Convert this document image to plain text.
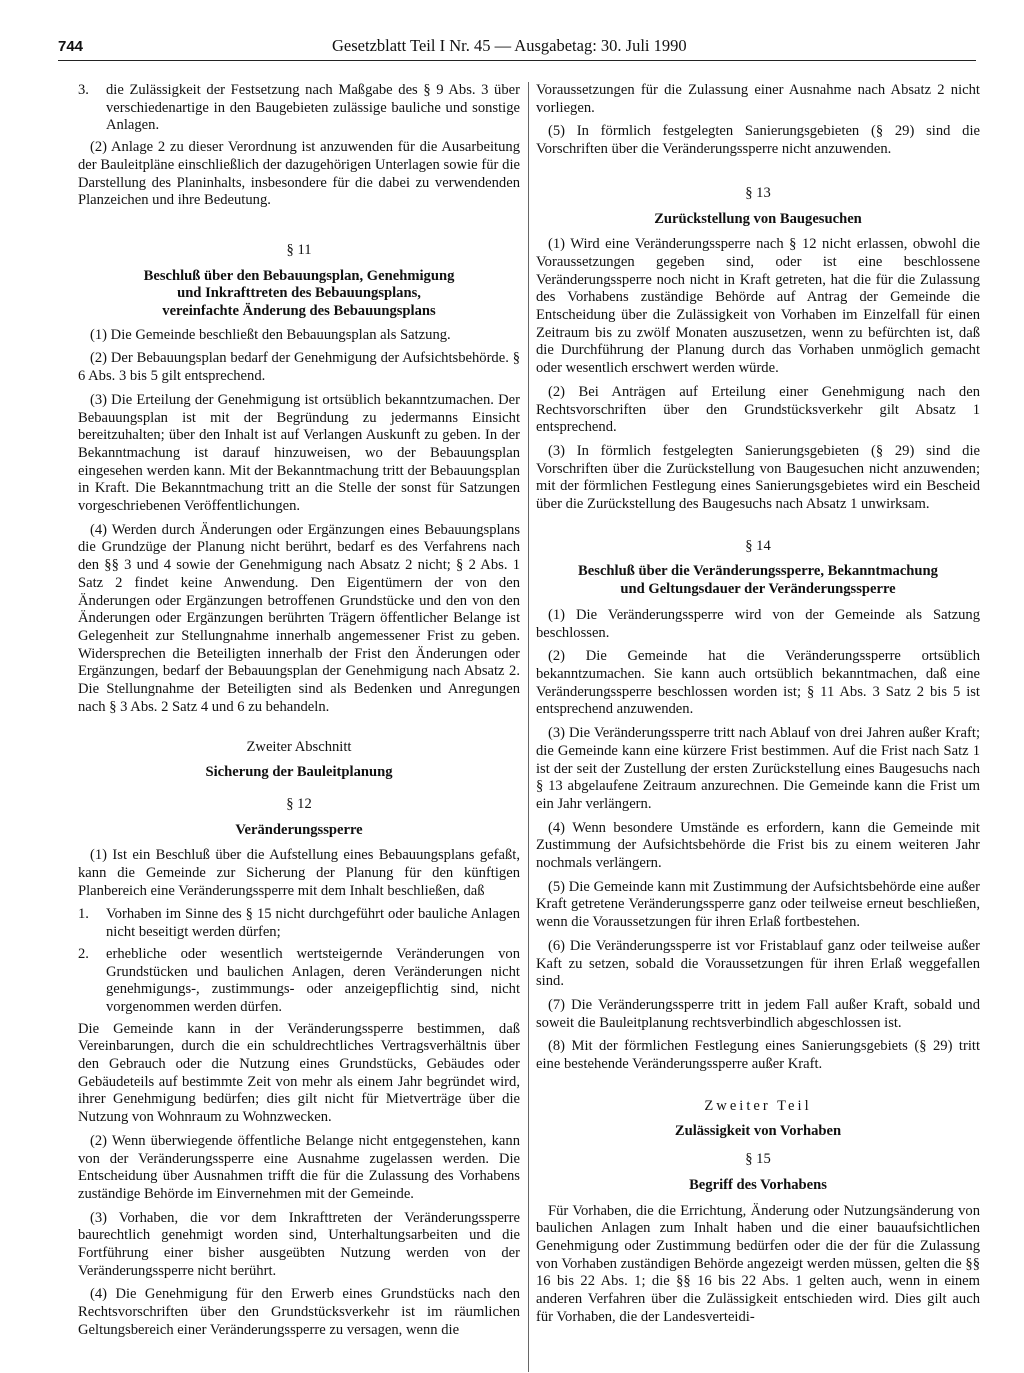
744	Gesetzblatt Teil I Nr. 45 — Ausgabetag: 30. Juli 1990
3.	die Zulässigkeit der Festsetzung nach Maßgabe des § 9 Abs. 3 über verschiedenartige in den Baugebieten zulässige bauliche und sonstige Anlagen.

(2) Anlage 2 zu dieser Verordnung ist anzuwenden für die Ausarbeitung der Bauleitpläne einschließlich der dazugehörigen Unterlagen sowie für die Darstellung des Planinhalts, insbesondere für die dabei zu verwendenden Planzeichen und ihre Bedeutung.

§ 11
Beschluß über den Bebauungsplan, Genehmigung
und Inkrafttreten des Bebauungsplans,
vereinfachte Änderung des Bebauungsplans

(1) Die Gemeinde beschließt den Bebauungsplan als Satzung.

(2) Der Bebauungsplan bedarf der Genehmigung der Aufsichtsbehörde. § 6 Abs. 3 bis 5 gilt entsprechend.

(3) Die Erteilung der Genehmigung ist ortsüblich bekanntzumachen. Der Bebauungsplan ist mit der Begründung zu jedermanns Einsicht bereitzuhalten; über den Inhalt ist auf Verlangen Auskunft zu geben. In der Bekanntmachung ist darauf hinzuweisen, wo der Bebauungsplan eingesehen werden kann. Mit der Bekanntmachung tritt der Bebauungsplan in Kraft. Die Bekanntmachung tritt an die Stelle der sonst für Satzungen vorgeschriebenen Veröffentlichungen.

(4) Werden durch Änderungen oder Ergänzungen eines Bebauungsplans die Grundzüge der Planung nicht berührt, bedarf es des Verfahrens nach den §§ 3 und 4 sowie der Genehmigung nach Absatz 2 nicht; § 2 Abs. 1 Satz 2 findet keine Anwendung. Den Eigentümern der von den Änderungen oder Ergänzungen betroffenen Grundstücke und den von den Änderungen oder Ergänzungen berührten Trägern öffentlicher Belange ist Gelegenheit zur Stellungnahme innerhalb angemessener Frist zu geben. Widersprechen die Beteiligten innerhalb der Frist den Änderungen oder Ergänzungen, bedarf der Bebauungsplan der Genehmigung nach Absatz 2. Die Stellungnahme der Beteiligten sind als Bedenken und Anregungen nach § 3 Abs. 2 Satz 4 und 6 zu behandeln.

Zweiter Abschnitt
Sicherung der Bauleitplanung
§ 12
Veränderungssperre

(1) Ist ein Beschluß über die Aufstellung eines Bebauungsplans gefaßt, kann die Gemeinde zur Sicherung der Planung für den künftigen Planbereich eine Veränderungssperre mit dem Inhalt beschließen, daß

1.	Vorhaben im Sinne des § 15 nicht durchgeführt oder bauliche Anlagen nicht beseitigt werden dürfen;
2.	erhebliche oder wesentlich wertsteigernde Veränderungen von Grundstücken und baulichen Anlagen, deren Veränderungen nicht genehmigungs-, zustimmungs- oder anzeigepflichtig sind, nicht vorgenommen werden dürfen.

Die Gemeinde kann in der Veränderungssperre bestimmen, daß Vereinbarungen, durch die ein schuldrechtliches Vertragsverhältnis über den Gebrauch oder die Nutzung eines Grundstücks, Gebäudes oder Gebäudeteils auf bestimmte Zeit von mehr als einem Jahr begründet wird, ihrer Genehmigung bedürfen; dies gilt nicht für Mietverträge über die Nutzung von Wohnraum zu Wohnzwecken.

(2) Wenn überwiegende öffentliche Belange nicht entgegenstehen, kann von der Veränderungssperre eine Ausnahme zugelassen werden. Die Entscheidung über Ausnahmen trifft die für die Zulassung des Vorhabens zuständige Behörde im Einvernehmen mit der Gemeinde.

(3) Vorhaben, die vor dem Inkrafttreten der Veränderungssperre baurechtlich genehmigt worden sind, Unterhaltungsarbeiten und die Fortführung einer bisher ausgeübten Nutzung werden von der Veränderungssperre nicht berührt.

(4) Die Genehmigung für den Erwerb eines Grundstücks nach den Rechtsvorschriften über den Grundstücksverkehr ist im räumlichen Geltungsbereich einer Veränderungssperre zu versagen, wenn die

Voraussetzungen für die Zulassung einer Ausnahme nach Absatz 2 nicht vorliegen.

(5) In förmlich festgelegten Sanierungsgebieten (§ 29) sind die Vorschriften über die Veränderungssperre nicht anzuwenden.

§ 13
Zurückstellung von Baugesuchen

(1) Wird eine Veränderungssperre nach § 12 nicht erlassen, obwohl die Voraussetzungen gegeben sind, oder ist eine beschlossene Veränderungssperre noch nicht in Kraft getreten, hat die für die Zulassung des Vorhabens zuständige Behörde auf Antrag der Gemeinde die Entscheidung über die Zulässigkeit von Vorhaben im Einzelfall für einen Zeitraum bis zu zwölf Monaten auszusetzen, wenn zu befürchten ist, daß die Durchführung der Planung durch das Vorhaben unmöglich gemacht oder wesentlich erschwert werden würde.

(2) Bei Anträgen auf Erteilung einer Genehmigung nach den Rechtsvorschriften über den Grundstücksverkehr gilt Absatz 1 entsprechend.

(3) In förmlich festgelegten Sanierungsgebieten (§ 29) sind die Vorschriften über die Zurückstellung von Baugesuchen nicht anzuwenden; mit der förmlichen Festlegung eines Sanierungsgebietes wird ein Bescheid über die Zurückstellung des Baugesuchs nach Absatz 1 unwirksam.

§ 14
Beschluß über die Veränderungssperre, Bekanntmachung
und Geltungsdauer der Veränderungssperre

(1) Die Veränderungssperre wird von der Gemeinde als Satzung beschlossen.

(2) Die Gemeinde hat die Veränderungssperre ortsüblich bekanntzumachen. Sie kann auch ortsüblich bekanntmachen, daß eine Veränderungssperre beschlossen worden ist; § 11 Abs. 3 Satz 2 bis 5 ist entsprechend anzuwenden.

(3) Die Veränderungssperre tritt nach Ablauf von drei Jahren außer Kraft; die Gemeinde kann eine kürzere Frist bestimmen. Auf die Frist nach Satz 1 ist der seit der Zustellung der ersten Zurückstellung eines Baugesuchs nach § 13 abgelaufene Zeitraum anzurechnen. Die Gemeinde kann die Frist um ein Jahr verlängern.

(4) Wenn besondere Umstände es erfordern, kann die Gemeinde mit Zustimmung der Aufsichtsbehörde die Frist bis zu einem weiteren Jahr nochmals verlängern.

(5) Die Gemeinde kann mit Zustimmung der Aufsichtsbehörde eine außer Kraft getretene Veränderungssperre ganz oder teilweise erneut beschließen, wenn die Voraussetzungen für ihren Erlaß fortbestehen.

(6) Die Veränderungssperre ist vor Fristablauf ganz oder teilweise außer Kaft zu setzen, sobald die Voraussetzungen für ihren Erlaß weggefallen sind.

(7) Die Veränderungssperre tritt in jedem Fall außer Kraft, sobald und soweit die Bauleitplanung rechtsverbindlich abgeschlossen ist.

(8) Mit der förmlichen Festlegung eines Sanierungsgebiets (§ 29) tritt eine bestehende Veränderungssperre außer Kraft.

Zweiter Teil
Zulässigkeit von Vorhaben
§ 15
Begriff des Vorhabens

Für Vorhaben, die die Errichtung, Änderung oder Nutzungsänderung von baulichen Anlagen zum Inhalt haben und die einer bauaufsichtlichen Genehmigung oder Zustimmung bedürfen oder die der für die Zulassung von Vorhaben zuständigen Behörde angezeigt werden müssen, gelten die §§ 16 bis 22 Abs. 1; die §§ 16 bis 22 Abs. 1 gelten auch, wenn in einem anderen Verfahren über die Zulässigkeit entschieden wird. Dies gilt auch für Vorhaben, die der Landesverteidi-
